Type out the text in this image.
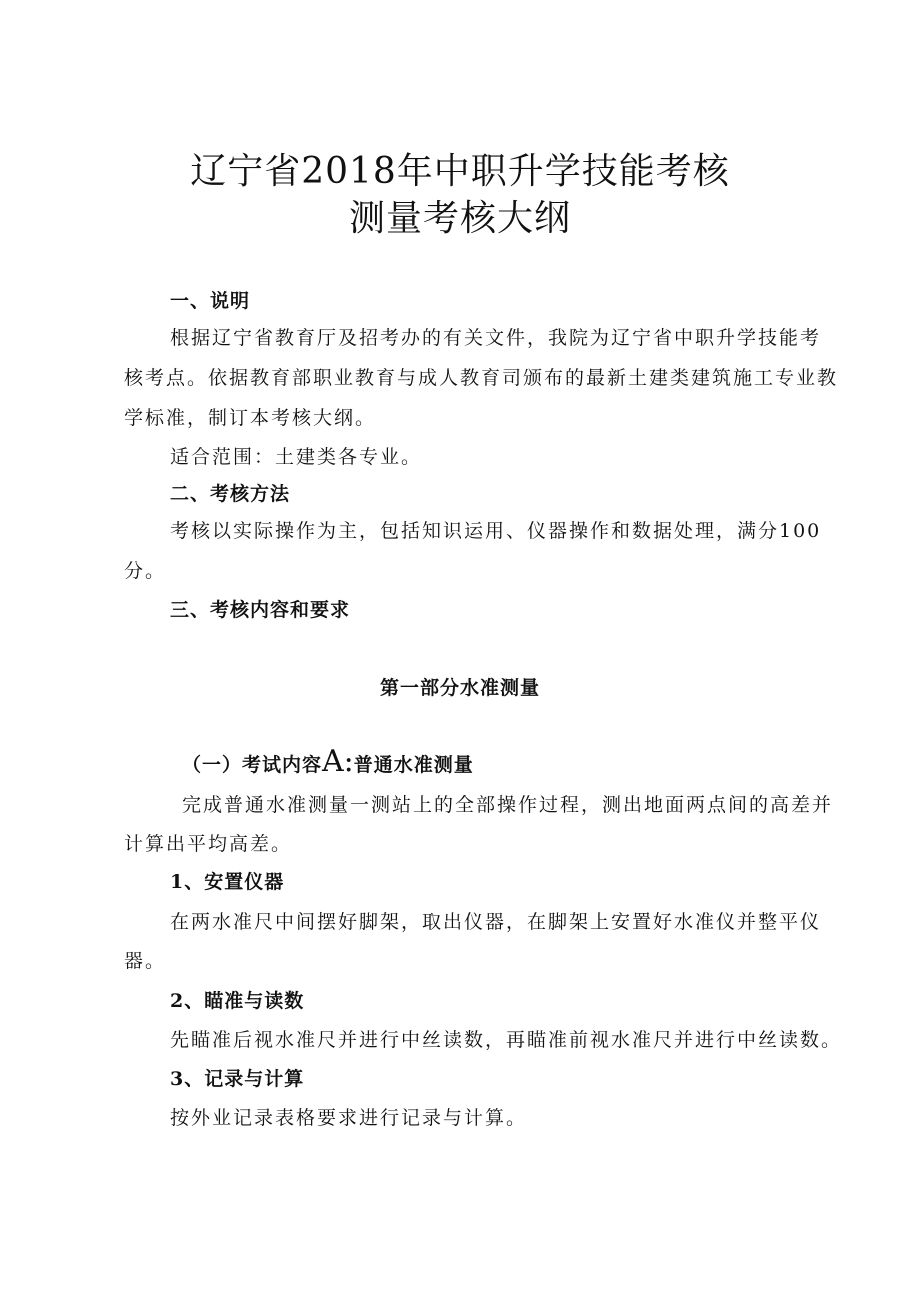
辽宁省2018年中职升学技能考核
测量考核大纲
一、说明
根据辽宁省教育厅及招考办的有关文件，我院为辽宁省中职升学技能考
核考点。依据教育部职业教育与成人教育司颁布的最新土建类建筑施工专业教
学标准，制订本考核大纲。
适合范围：土建类各专业。
二、考核方法
考核以实际操作为主，包括知识运用、仪器操作和数据处理，满分100
分。
三、考核内容和要求
第一部分水准测量
（一）考试内容A:普通水准测量
完成普通水准测量一测站上的全部操作过程，测出地面两点间的高差并
计算出平均高差。
1、安置仪器
在两水准尺中间摆好脚架，取出仪器，在脚架上安置好水准仪并整平仪
器。
2、瞄准与读数
先瞄准后视水准尺并进行中丝读数，再瞄准前视水准尺并进行中丝读数。
3、记录与计算
按外业记录表格要求进行记录与计算。
